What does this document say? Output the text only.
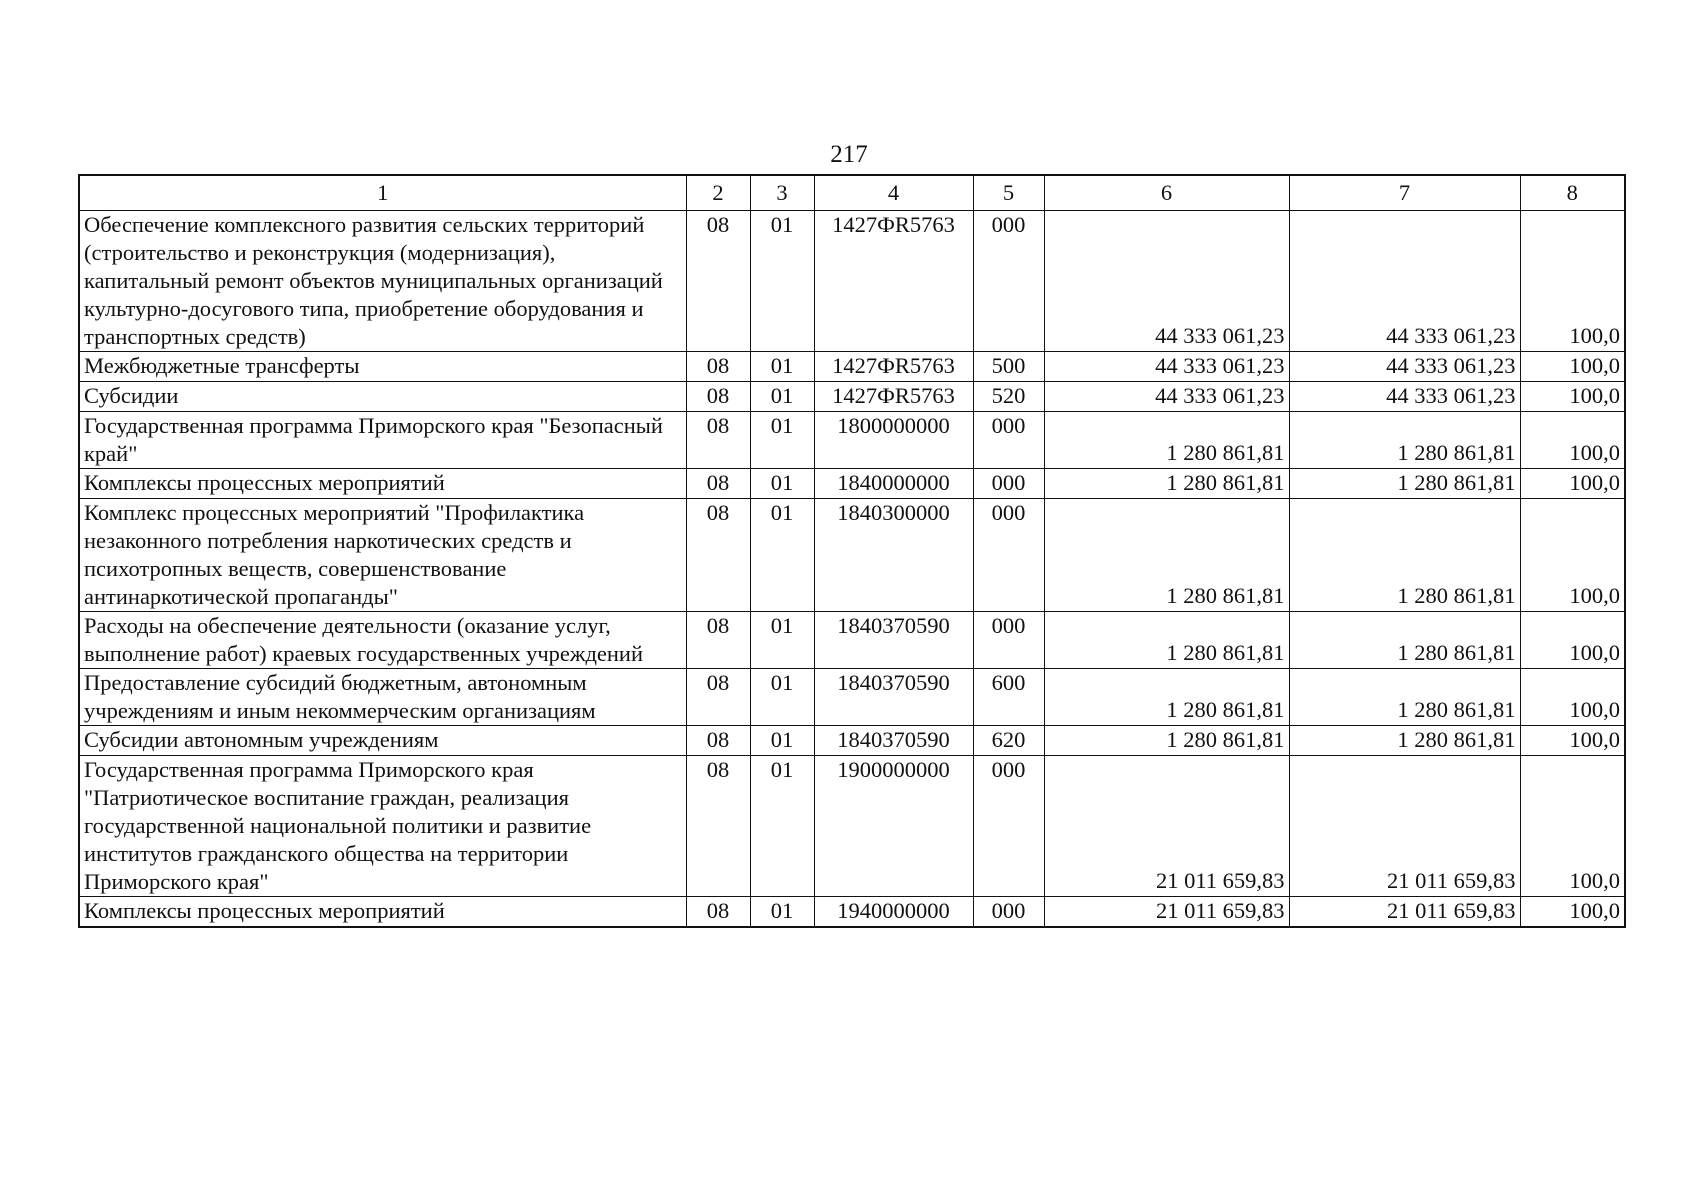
217
1	2	3	4	5	6	7	8
Обеспечение комплексного развития сельских территорий (строительство и реконструкция (модернизация), капитальный ремонт объектов муниципальных организаций культурно-досугового типа, приобретение оборудования и транспортных средств)	08	01	1427ФR5763	000	44 333 061,23	44 333 061,23	100,0
Межбюджетные трансферты	08	01	1427ФR5763	500	44 333 061,23	44 333 061,23	100,0
Субсидии	08	01	1427ФR5763	520	44 333 061,23	44 333 061,23	100,0
Государственная программа Приморского края "Безопасный край"	08	01	1800000000	000	1 280 861,81	1 280 861,81	100,0
Комплексы процессных мероприятий	08	01	1840000000	000	1 280 861,81	1 280 861,81	100,0
Комплекс процессных мероприятий "Профилактика незаконного потребления наркотических средств и психотропных веществ, совершенствование антинаркотической пропаганды"	08	01	1840300000	000	1 280 861,81	1 280 861,81	100,0
Расходы на обеспечение деятельности (оказание услуг, выполнение работ) краевых государственных учреждений	08	01	1840370590	000	1 280 861,81	1 280 861,81	100,0
Предоставление субсидий бюджетным, автономным учреждениям и иным некоммерческим организациям	08	01	1840370590	600	1 280 861,81	1 280 861,81	100,0
Субсидии автономным учреждениям	08	01	1840370590	620	1 280 861,81	1 280 861,81	100,0
Государственная программа Приморского края "Патриотическое воспитание граждан, реализация государственной национальной политики и развитие институтов гражданского общества на территории Приморского края"	08	01	1900000000	000	21 011 659,83	21 011 659,83	100,0
Комплексы процессных мероприятий	08	01	1940000000	000	21 011 659,83	21 011 659,83	100,0
